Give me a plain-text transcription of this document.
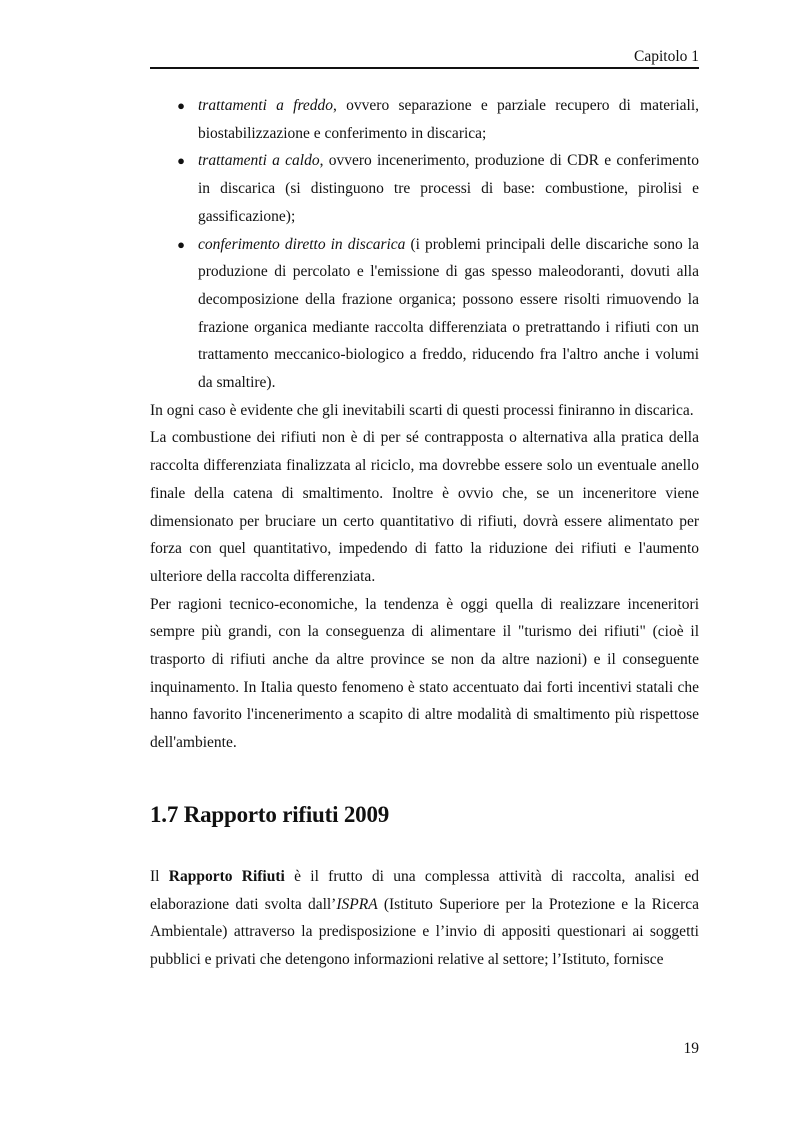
Capitolo 1
● trattamenti a freddo, ovvero separazione e parziale recupero di materiali, biostabilizzazione e conferimento in discarica;
● trattamenti a caldo, ovvero incenerimento, produzione di CDR e conferimento in discarica (si distinguono tre processi di base: combustione, pirolisi e gassificazione);
● conferimento diretto in discarica (i problemi principali delle discariche sono la produzione di percolato e l'emissione di gas spesso maleodoranti, dovuti alla decomposizione della frazione organica; possono essere risolti rimuovendo la frazione organica mediante raccolta differenziata o pretrattando i rifiuti con un trattamento meccanico-biologico a freddo, riducendo fra l'altro anche i volumi da smaltire).

In ogni caso è evidente che gli inevitabili scarti di questi processi finiranno in discarica.

La combustione dei rifiuti non è di per sé contrapposta o alternativa alla pratica della raccolta differenziata finalizzata al riciclo, ma dovrebbe essere solo un eventuale anello finale della catena di smaltimento. Inoltre è ovvio che, se un inceneritore viene dimensionato per bruciare un certo quantitativo di rifiuti, dovrà essere alimentato per forza con quel quantitativo, impedendo di fatto la riduzione dei rifiuti e l'aumento ulteriore della raccolta differenziata.

Per ragioni tecnico-economiche, la tendenza è oggi quella di realizzare inceneritori sempre più grandi, con la conseguenza di alimentare il "turismo dei rifiuti" (cioè il trasporto di rifiuti anche da altre province se non da altre nazioni) e il conseguente inquinamento. In Italia questo fenomeno è stato accentuato dai forti incentivi statali che hanno favorito l'incenerimento a scapito di altre modalità di smaltimento più rispettose dell'ambiente.

1.7 Rapporto rifiuti 2009

Il Rapporto Rifiuti è il frutto di una complessa attività di raccolta, analisi ed elaborazione dati svolta dall’ISPRA (Istituto Superiore per la Protezione e la Ricerca Ambientale) attraverso la predisposizione e l’invio di appositi questionari ai soggetti pubblici e privati che detengono informazioni relative al settore; l’Istituto, fornisce

19
